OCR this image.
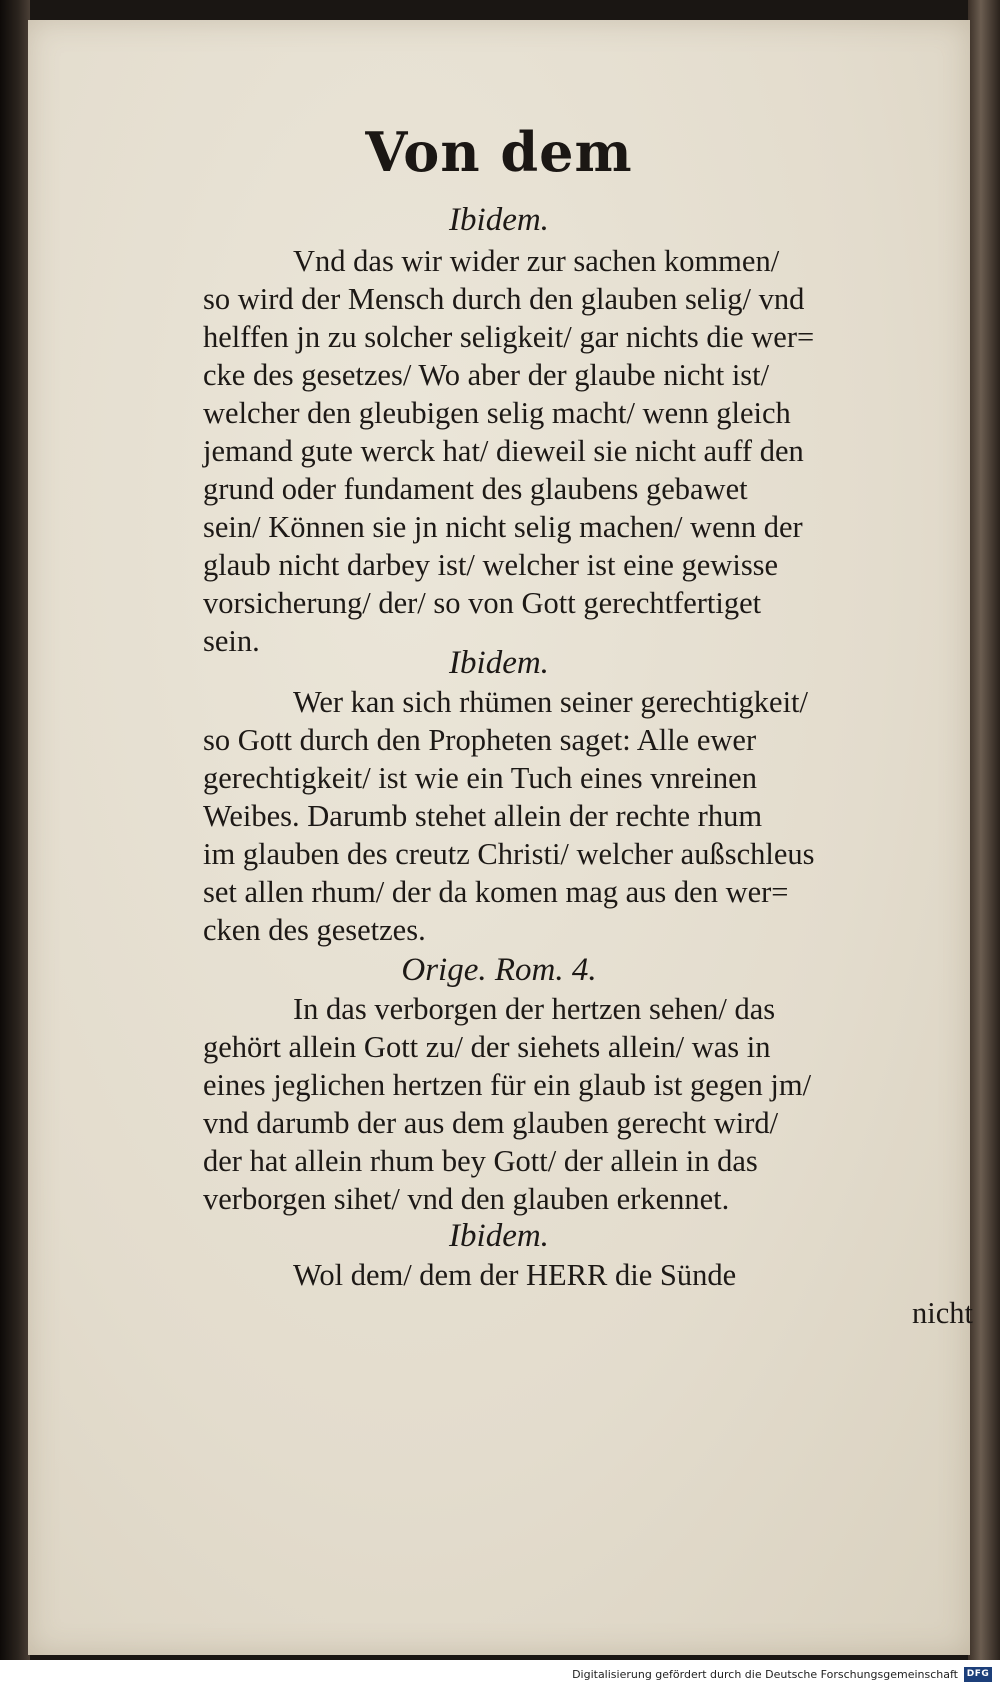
Von dem
Ibidem.
Vnd das wir wider zur sachen kommen/
so wird der Mensch durch den glauben selig/ vnd
helffen jn zu solcher seligkeit/ gar nichts die wer=
cke des gesetzes/ Wo aber der glaube nicht ist/
welcher den gleubigen selig macht/ wenn gleich
jemand gute werck hat/ dieweil sie nicht auff den
grund oder fundament des glaubens gebawet
sein/ Können sie jn nicht selig machen/ wenn der
glaub nicht darbey ist/ welcher ist eine gewisse
vorsicherung/ der/ so von Gott gerechtfertiget
sein.
Ibidem.
Wer kan sich rhümen seiner gerechtigkeit/
so Gott durch den Propheten saget: Alle ewer
gerechtigkeit/ ist wie ein Tuch eines vnreinen
Weibes. Darumb stehet allein der rechte rhum
im glauben des creutz Christi/ welcher außschleus
set allen rhum/ der da komen mag aus den wer=
cken des gesetzes.
Orige. Rom. 4.
In das verborgen der hertzen sehen/ das
gehört allein Gott zu/ der siehets allein/ was in
eines jeglichen hertzen für ein glaub ist gegen jm/
vnd darumb der aus dem glauben gerecht wird/
der hat allein rhum bey Gott/ der allein in das
verborgen sihet/ vnd den glauben erkennet.
Ibidem.
Wol dem/ dem der HERR die Sünde
nicht
Digitalisierung gefördert durch die Deutsche Forschungsgemeinschaft DFG
